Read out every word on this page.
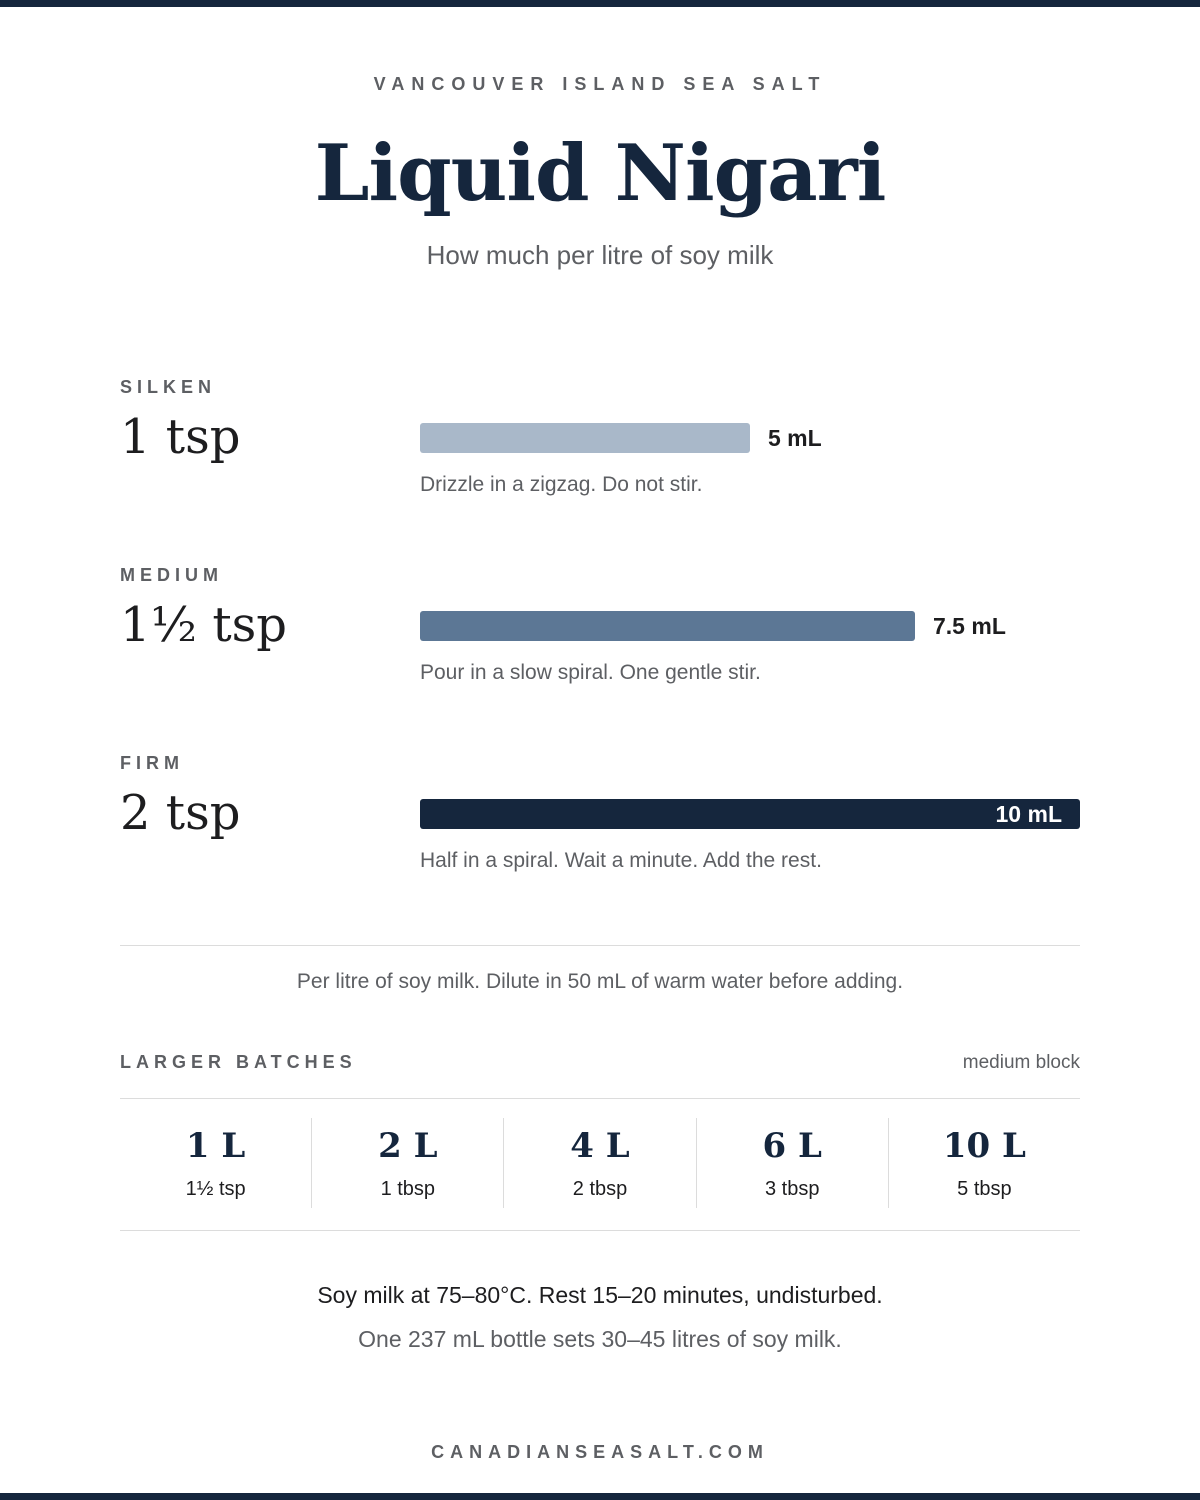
VANCOUVER ISLAND SEA SALT
Liquid Nigari
How much per litre of soy milk
SILKEN
1 tsp	5 mL
Drizzle in a zigzag. Do not stir.
MEDIUM
1½ tsp	7.5 mL
Pour in a slow spiral. One gentle stir.
FIRM
2 tsp	10 mL
Half in a spiral. Wait a minute. Add the rest.
Per litre of soy milk. Dilute in 50 mL of warm water before adding.
LARGER BATCHES	medium block
1 L
1½ tsp
2 L
1 tbsp
4 L
2 tbsp
6 L
3 tbsp
10 L
5 tbsp
Soy milk at 75–80°C. Rest 15–20 minutes, undisturbed.
One 237 mL bottle sets 30–45 litres of soy milk.
CANADIANSEASALT.COM
